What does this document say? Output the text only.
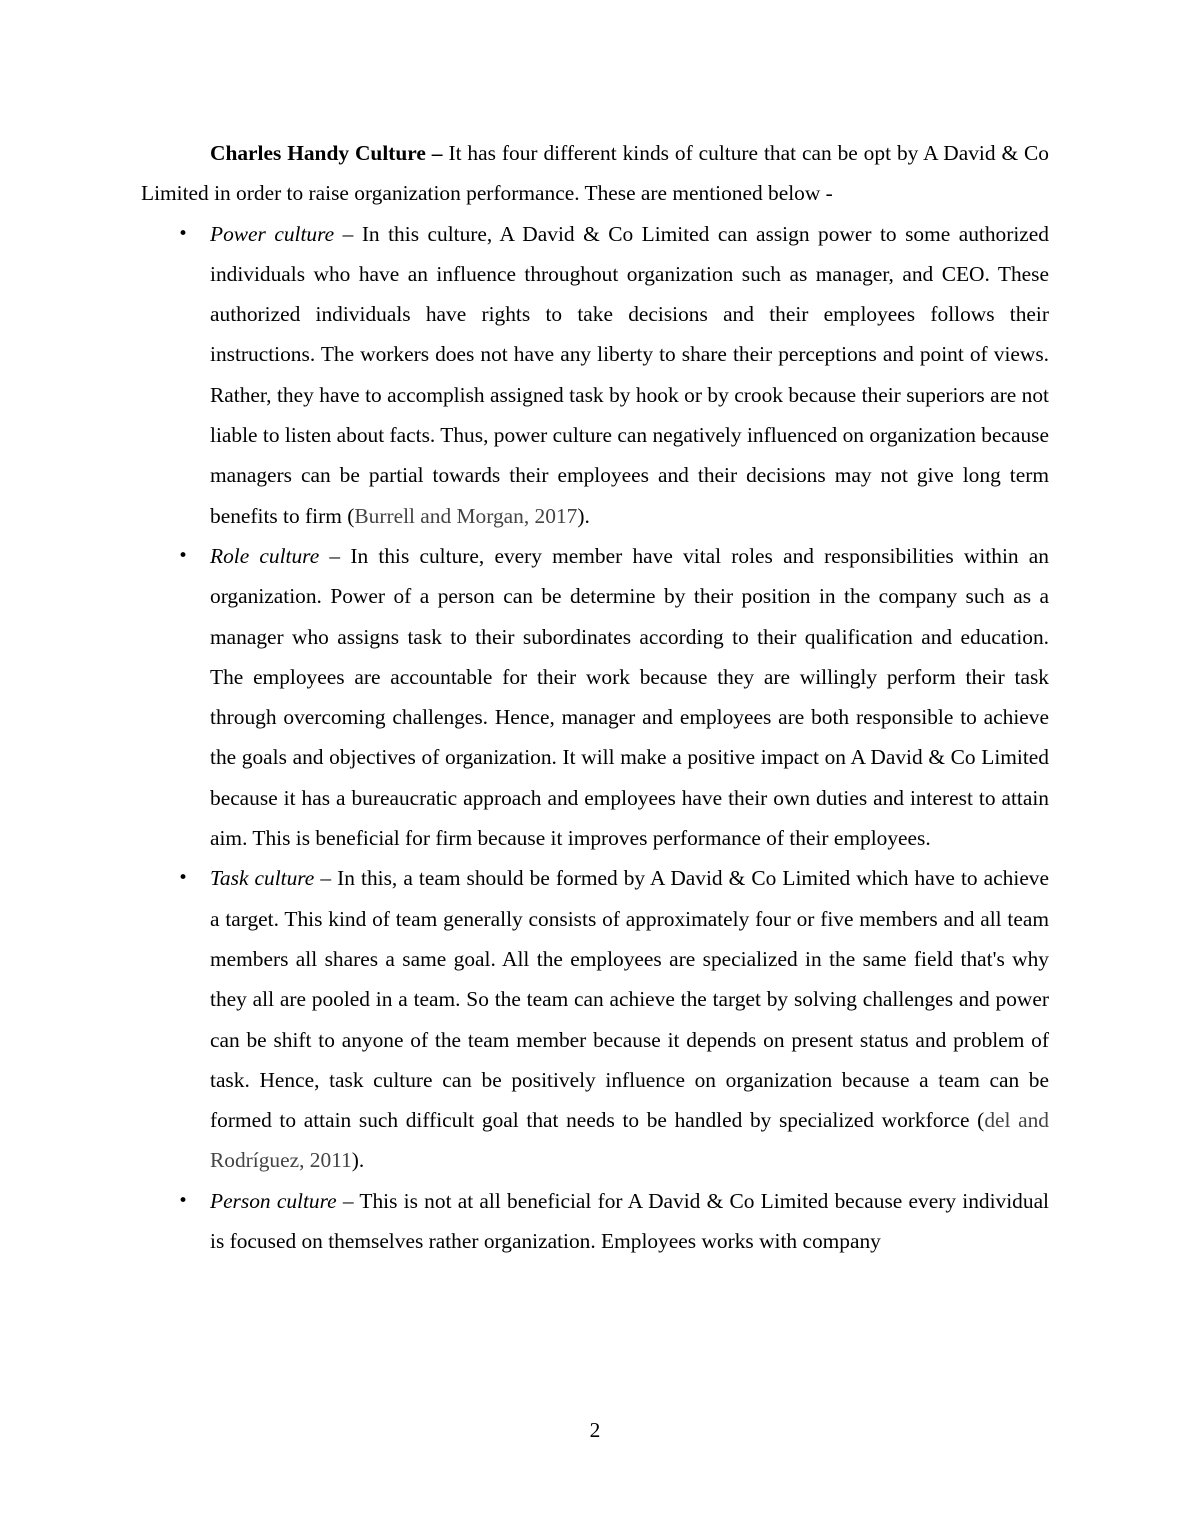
Charles Handy Culture – It has four different kinds of culture that can be opt by A David & Co Limited in order to raise organization performance. These are mentioned below -

• Power culture – In this culture, A David & Co Limited can assign power to some authorized individuals who have an influence throughout organization such as manager, and CEO. These authorized individuals have rights to take decisions and their employees follows their instructions. The workers does not have any liberty to share their perceptions and point of views. Rather, they have to accomplish assigned task by hook or by crook because their superiors are not liable to listen about facts. Thus, power culture can negatively influenced on organization because managers can be partial towards their employees and their decisions may not give long term benefits to firm (Burrell and Morgan, 2017).
• Role culture – In this culture, every member have vital roles and responsibilities within an organization. Power of a person can be determine by their position in the company such as a manager who assigns task to their subordinates according to their qualification and education. The employees are accountable for their work because they are willingly perform their task through overcoming challenges. Hence, manager and employees are both responsible to achieve the goals and objectives of organization. It will make a positive impact on A David & Co Limited because it has a bureaucratic approach and employees have their own duties and interest to attain aim. This is beneficial for firm because it improves performance of their employees.
• Task culture – In this, a team should be formed by A David & Co Limited which have to achieve a target. This kind of team generally consists of approximately four or five members and all team members all shares a same goal. All the employees are specialized in the same field that's why they all are pooled in a team. So the team can achieve the target by solving challenges and power can be shift to anyone of the team member because it depends on present status and problem of task. Hence, task culture can be positively influence on organization because a team can be formed to attain such difficult goal that needs to be handled by specialized workforce (del and Rodríguez, 2011).
• Person culture – This is not at all beneficial for A David & Co Limited because every individual is focused on themselves rather organization. Employees works with company
2
